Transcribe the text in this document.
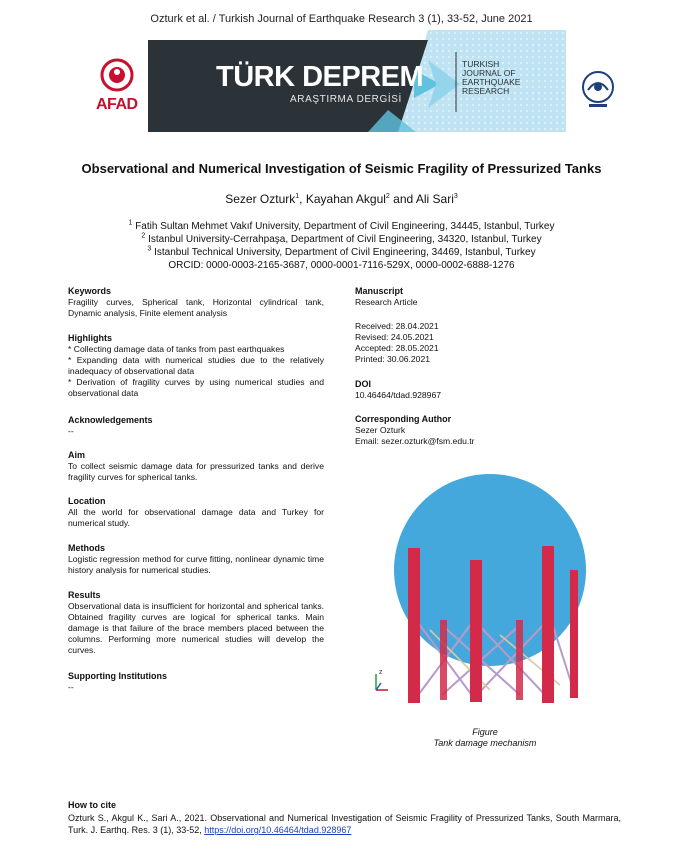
Ozturk et al. / Turkish Journal of Earthquake Research 3 (1), 33-52, June 2021
AFAD
TÜRK DEPREM
ARAŞTIRMA DERGİSİ
TURKISH
JOURNAL OF
EARTHQUAKE
RESEARCH
Observational and Numerical Investigation of Seismic Fragility of Pressurized Tanks
Sezer Ozturk$^1$, Kayahan Akgul$^2$ and Ali Sari$^3$
$^1$ Fatih Sultan Mehmet Vakıf University, Department of Civil Engineering, 34445, Istanbul, Turkey
$^2$ Istanbul University-Cerrahpaşa, Department of Civil Engineering, 34320, Istanbul, Turkey
$^3$ Istanbul Technical University, Department of Civil Engineering, 34469, Istanbul, Turkey
ORCID: 0000-0003-2165-3687, 0000-0001-7116-529X, 0000-0002-6888-1276

Keywords

Fragility curves, Spherical tank, Horizontal cylindrical tank, Dynamic analysis, Finite element analysis

Highlights

* Collecting damage data of tanks from past earthquakes

* Expanding data with numerical studies due to the relatively inadequacy of observational data

* Derivation of fragility curves by using numerical studies and observational data

Acknowledgements

--

Aim

To collect seismic damage data for pressurized tanks and derive fragility curves for spherical tanks.

Location

All the world for observational damage data and Turkey for numerical study.

Methods

Logistic regression method for curve fitting, nonlinear dynamic time history analysis for numerical studies.

Results

Observational data is insufficient for horizontal and spherical tanks. Obtained fragility curves are logical for spherical tanks. Main damage is that failure of the brace members placed between the columns. Performing more numerical studies will develop the curves.

Supporting Institutions

--

Manuscript

Research Article

Received: 28.04.2021

Revised: 24.05.2021

Accepted: 28.05.2021

Printed: 30.06.2021

DOI

10.46464/tdad.928967

Corresponding Author

Sezer Ozturk

Email: sezer.ozturk@fsm.edu.tr

z
Figure
Tank damage mechanism
How to cite
Ozturk S., Akgul K., Sari A., 2021. Observational and Numerical Investigation of Seismic Fragility of Pressurized Tanks, South Marmara, Turk. J. Earthq. Res. 3 (1), 33-52, https://doi.org/10.46464/tdad.928967
